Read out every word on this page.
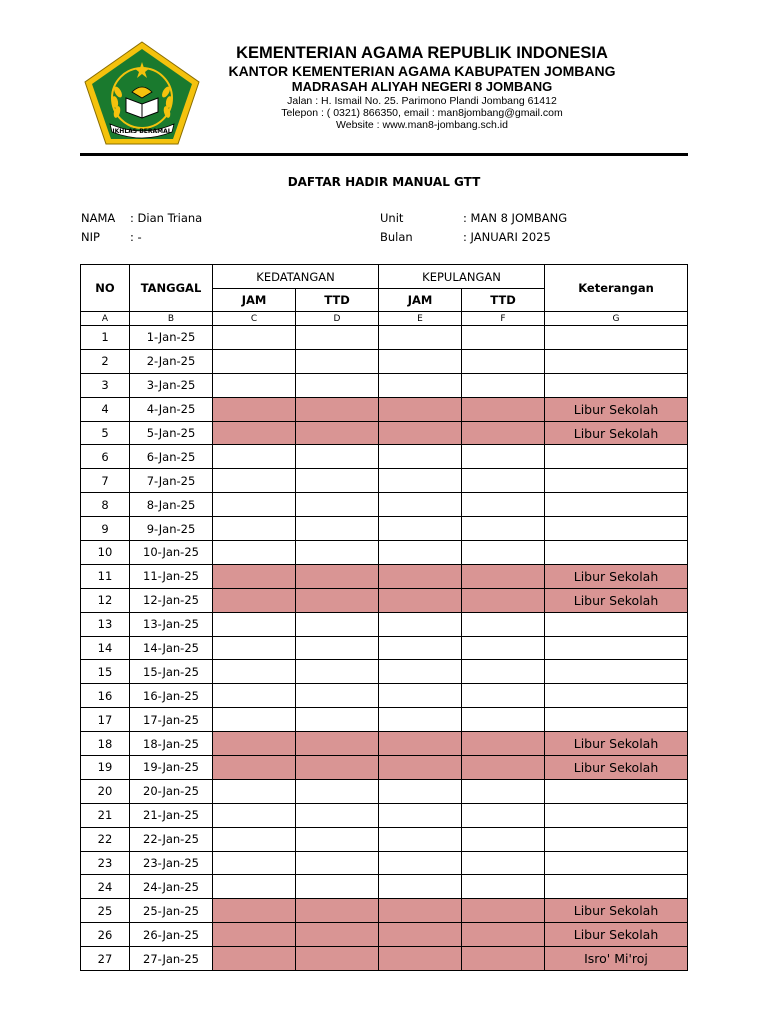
IKHLAS BERAMAL
KEMENTERIAN AGAMA REPUBLIK INDONESIA
KANTOR KEMENTERIAN AGAMA KABUPATEN JOMBANG
MADRASAH ALIYAH NEGERI 8 JOMBANG
Jalan : H. Ismail No. 25. Parimono Plandi Jombang 61412
Telepon : ( 0321) 866350, email : man8jombang@gmail.com
Website : www.man8-jombang.sch.id
DAFTAR HADIR MANUAL GTT
NAMA : Dian Triana
NIP	: -
Unit	: MAN 8 JOMBANG
Bulan	: JANUARI 2025
NO	TANGGAL	KEDATANGAN		KEPULANGAN		Keterangan
		JAM	TTD	JAM	TTD	
A	B	C	D	E	F	G
1	1-Jan-25					
2	2-Jan-25					
3	3-Jan-25					
4	4-Jan-25					Libur Sekolah
5	5-Jan-25					Libur Sekolah
6	6-Jan-25					
7	7-Jan-25					
8	8-Jan-25					
9	9-Jan-25					
10	10-Jan-25					
11	11-Jan-25					Libur Sekolah
12	12-Jan-25					Libur Sekolah
13	13-Jan-25					
14	14-Jan-25					
15	15-Jan-25					
16	16-Jan-25					
17	17-Jan-25					
18	18-Jan-25					Libur Sekolah
19	19-Jan-25					Libur Sekolah
20	20-Jan-25					
21	21-Jan-25					
22	22-Jan-25					
23	23-Jan-25					
24	24-Jan-25					
25	25-Jan-25					Libur Sekolah
26	26-Jan-25					Libur Sekolah
27	27-Jan-25					Isro' Mi'roj
